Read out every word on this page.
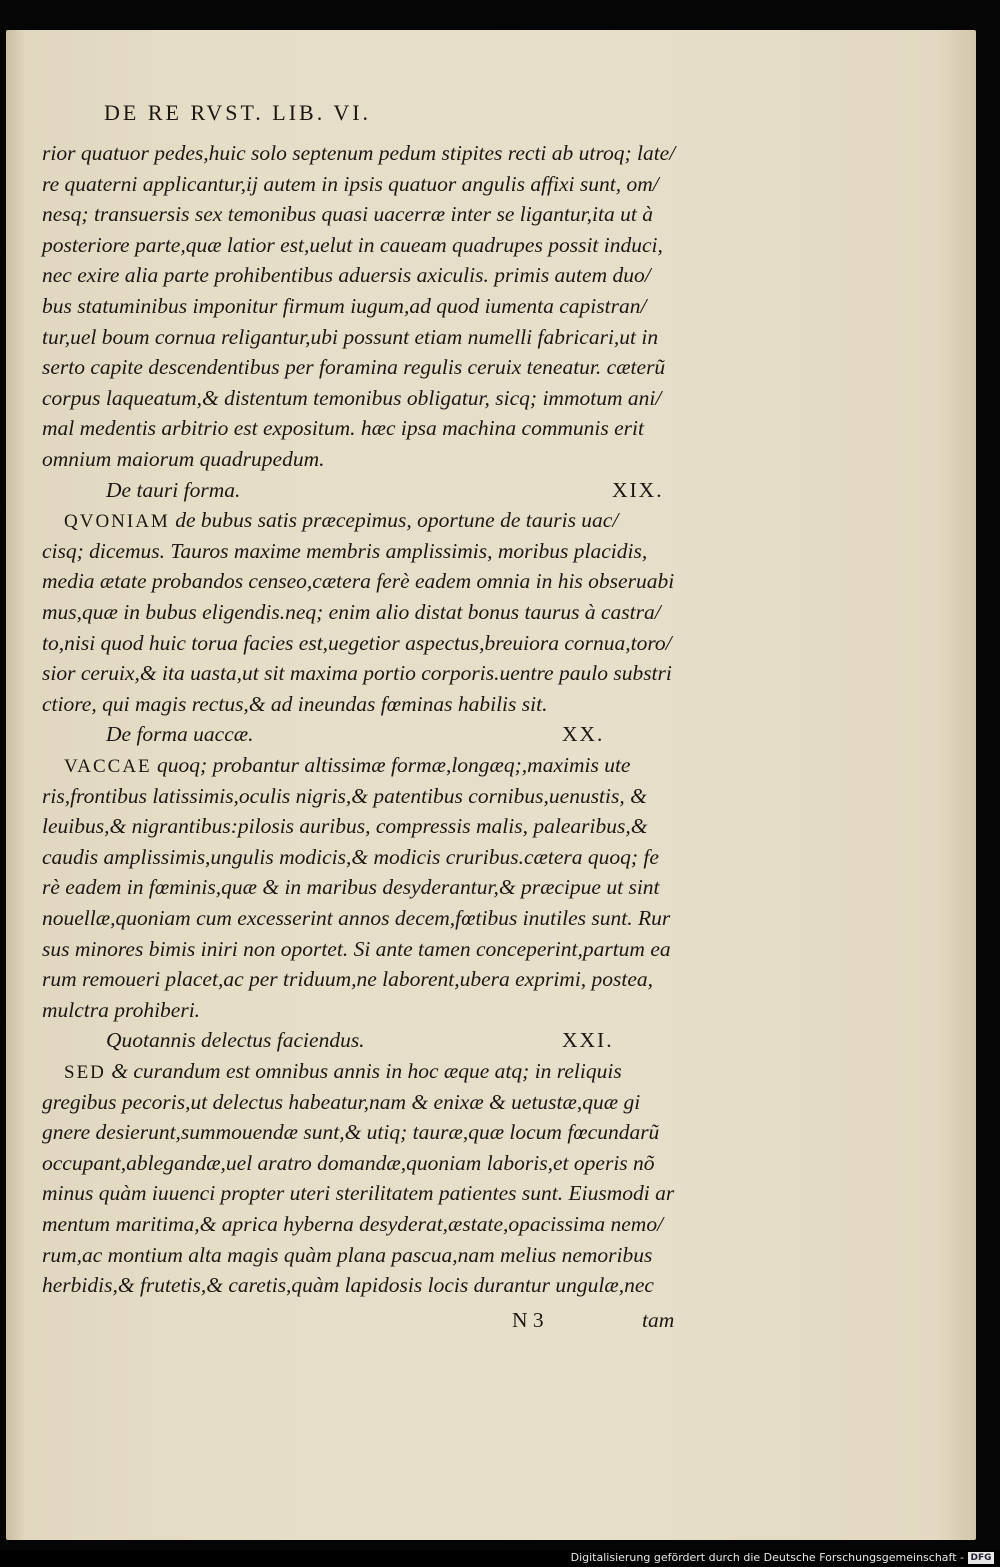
DE RE RVST. LIB. VI.
rior quatuor pedes,huic solo septenum pedum stipites recti ab utroq; late/
re quaterni applicantur,ij autem in ipsis quatuor angulis affixi sunt, om/
nesq; transuersis sex temonibus quasi uacerræ inter se ligantur,ita ut à
posteriore parte,quæ latior est,uelut in caueam quadrupes possit induci,
nec exire alia parte prohibentibus aduersis axiculis. primis autem duo/
bus statuminibus imponitur firmum iugum,ad quod iumenta capistran/
tur,uel boum cornua religantur,ubi possunt etiam numelli fabricari,ut in
serto capite descendentibus per foramina regulis ceruix teneatur. cæterũ
corpus laqueatum,& distentum temonibus obligatur, sicq; immotum ani/
mal medentis arbitrio est expositum. hæc ipsa machina communis erit
omnium maiorum quadrupedum.
De tauri forma.	XIX.
QVONIAM de bubus satis præcepimus, oportune de tauris uac/
cisq; dicemus. Tauros maxime membris amplissimis, moribus placidis,
media ætate probandos censeo,cætera ferè eadem omnia in his obseruabi
mus,quæ in bubus eligendis.neq; enim alio distat bonus taurus à castra/
to,nisi quod huic torua facies est,uegetior aspectus,breuiora cornua,toro/
sior ceruix,& ita uasta,ut sit maxima portio corporis.uentre paulo substri
ctiore, qui magis rectus,& ad ineundas fœminas habilis sit.
De forma uaccæ.	XX.
VACCAE quoq; probantur altissimæ formæ,longæq;,maximis ute
ris,frontibus latissimis,oculis nigris,& patentibus cornibus,uenustis, &
leuibus,& nigrantibus:pilosis auribus, compressis malis, palearibus,&
caudis amplissimis,ungulis modicis,& modicis cruribus.cætera quoq; fe
rè eadem in fœminis,quæ & in maribus desyderantur,& præcipue ut sint
nouellæ,quoniam cum excesserint annos decem,fœtibus inutiles sunt. Rur
sus minores bimis iniri non oportet. Si ante tamen conceperint,partum ea
rum remoueri placet,ac per triduum,ne laborent,ubera exprimi, postea,
mulctra prohiberi.
Quotannis delectus faciendus.	XXI.
SED & curandum est omnibus annis in hoc æque atq; in reliquis
gregibus pecoris,ut delectus habeatur,nam & enixæ & uetustæ,quæ gi
gnere desierunt,summouendæ sunt,& utiq; tauræ,quæ locum fœcundarũ
occupant,ablegandæ,uel aratro domandæ,quoniam laboris,et operis nõ
minus quàm iuuenci propter uteri sterilitatem patientes sunt. Eiusmodi ar
mentum maritima,& aprica hyberna desyderat,æstate,opacissima nemo/
rum,ac montium alta magis quàm plana pascua,nam melius nemoribus
herbidis,& frutetis,& caretis,quàm lapidosis locis durantur ungulæ,nec
N 3	tam
Digitalisierung gefördert durch die Deutsche Forschungsgemeinschaft - DFG
